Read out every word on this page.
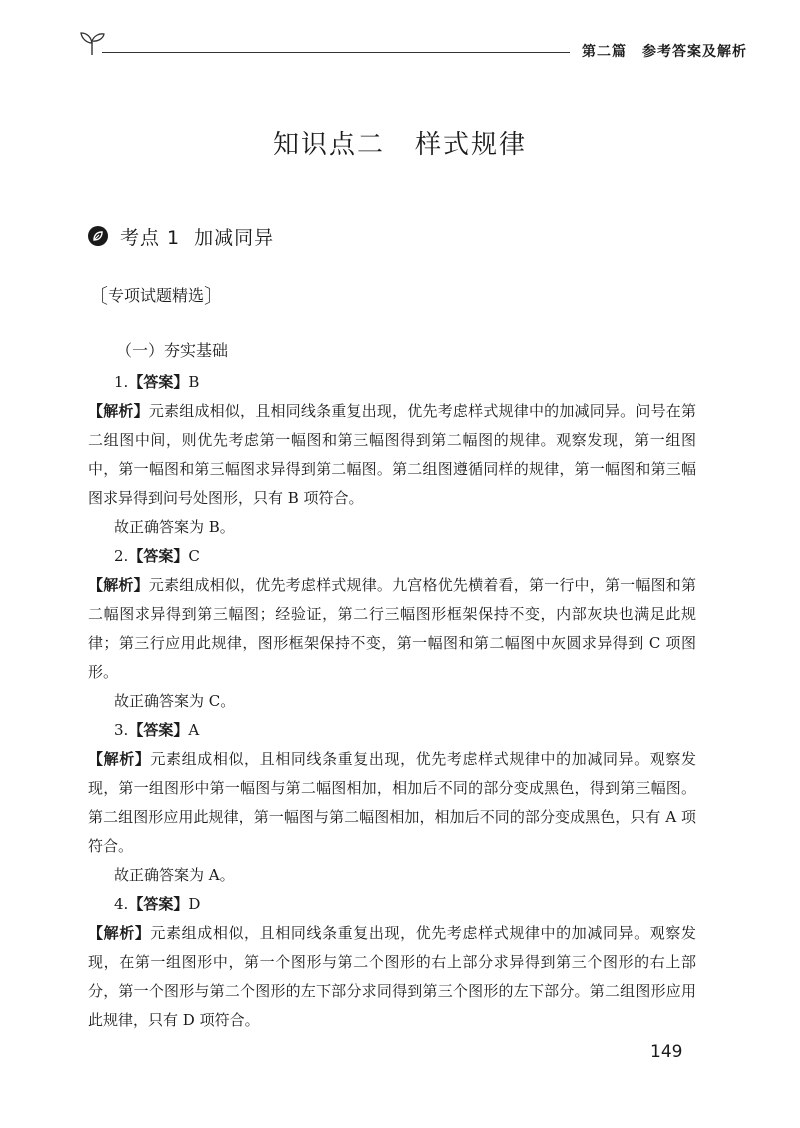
第二篇　参考答案及解析
知识点二 样式规律
考点 1 加减同异
〔 专项试题精选 〕
（一）夯实基础

1.【答案】B

【解析】元素组成相似，且相同线条重复出现，优先考虑样式规律中的加减同异。问号在第二组图中间，则优先考虑第一幅图和第三幅图得到第二幅图的规律。观察发现，第一组图中，第一幅图和第三幅图求异得到第二幅图。第二组图遵循同样的规律，第一幅图和第三幅图求异得到问号处图形，只有 B 项符合。

故正确答案为 B。

2.【答案】C

【解析】元素组成相似，优先考虑样式规律。九宫格优先横着看，第一行中，第一幅图和第二幅图求异得到第三幅图；经验证，第二行三幅图形框架保持不变，内部灰块也满足此规律；第三行应用此规律，图形框架保持不变，第一幅图和第二幅图中灰圆求异得到 C 项图形。

故正确答案为 C。

3.【答案】A

【解析】元素组成相似，且相同线条重复出现，优先考虑样式规律中的加减同异。观察发现，第一组图形中第一幅图与第二幅图相加，相加后不同的部分变成黑色，得到第三幅图。第二组图形应用此规律，第一幅图与第二幅图相加，相加后不同的部分变成黑色，只有 A 项符合。

故正确答案为 A。

4.【答案】D

【解析】元素组成相似，且相同线条重复出现，优先考虑样式规律中的加减同异。观察发现，在第一组图形中，第一个图形与第二个图形的右上部分求异得到第三个图形的右上部分，第一个图形与第二个图形的左下部分求同得到第三个图形的左下部分。第二组图形应用此规律，只有 D 项符合。

149
